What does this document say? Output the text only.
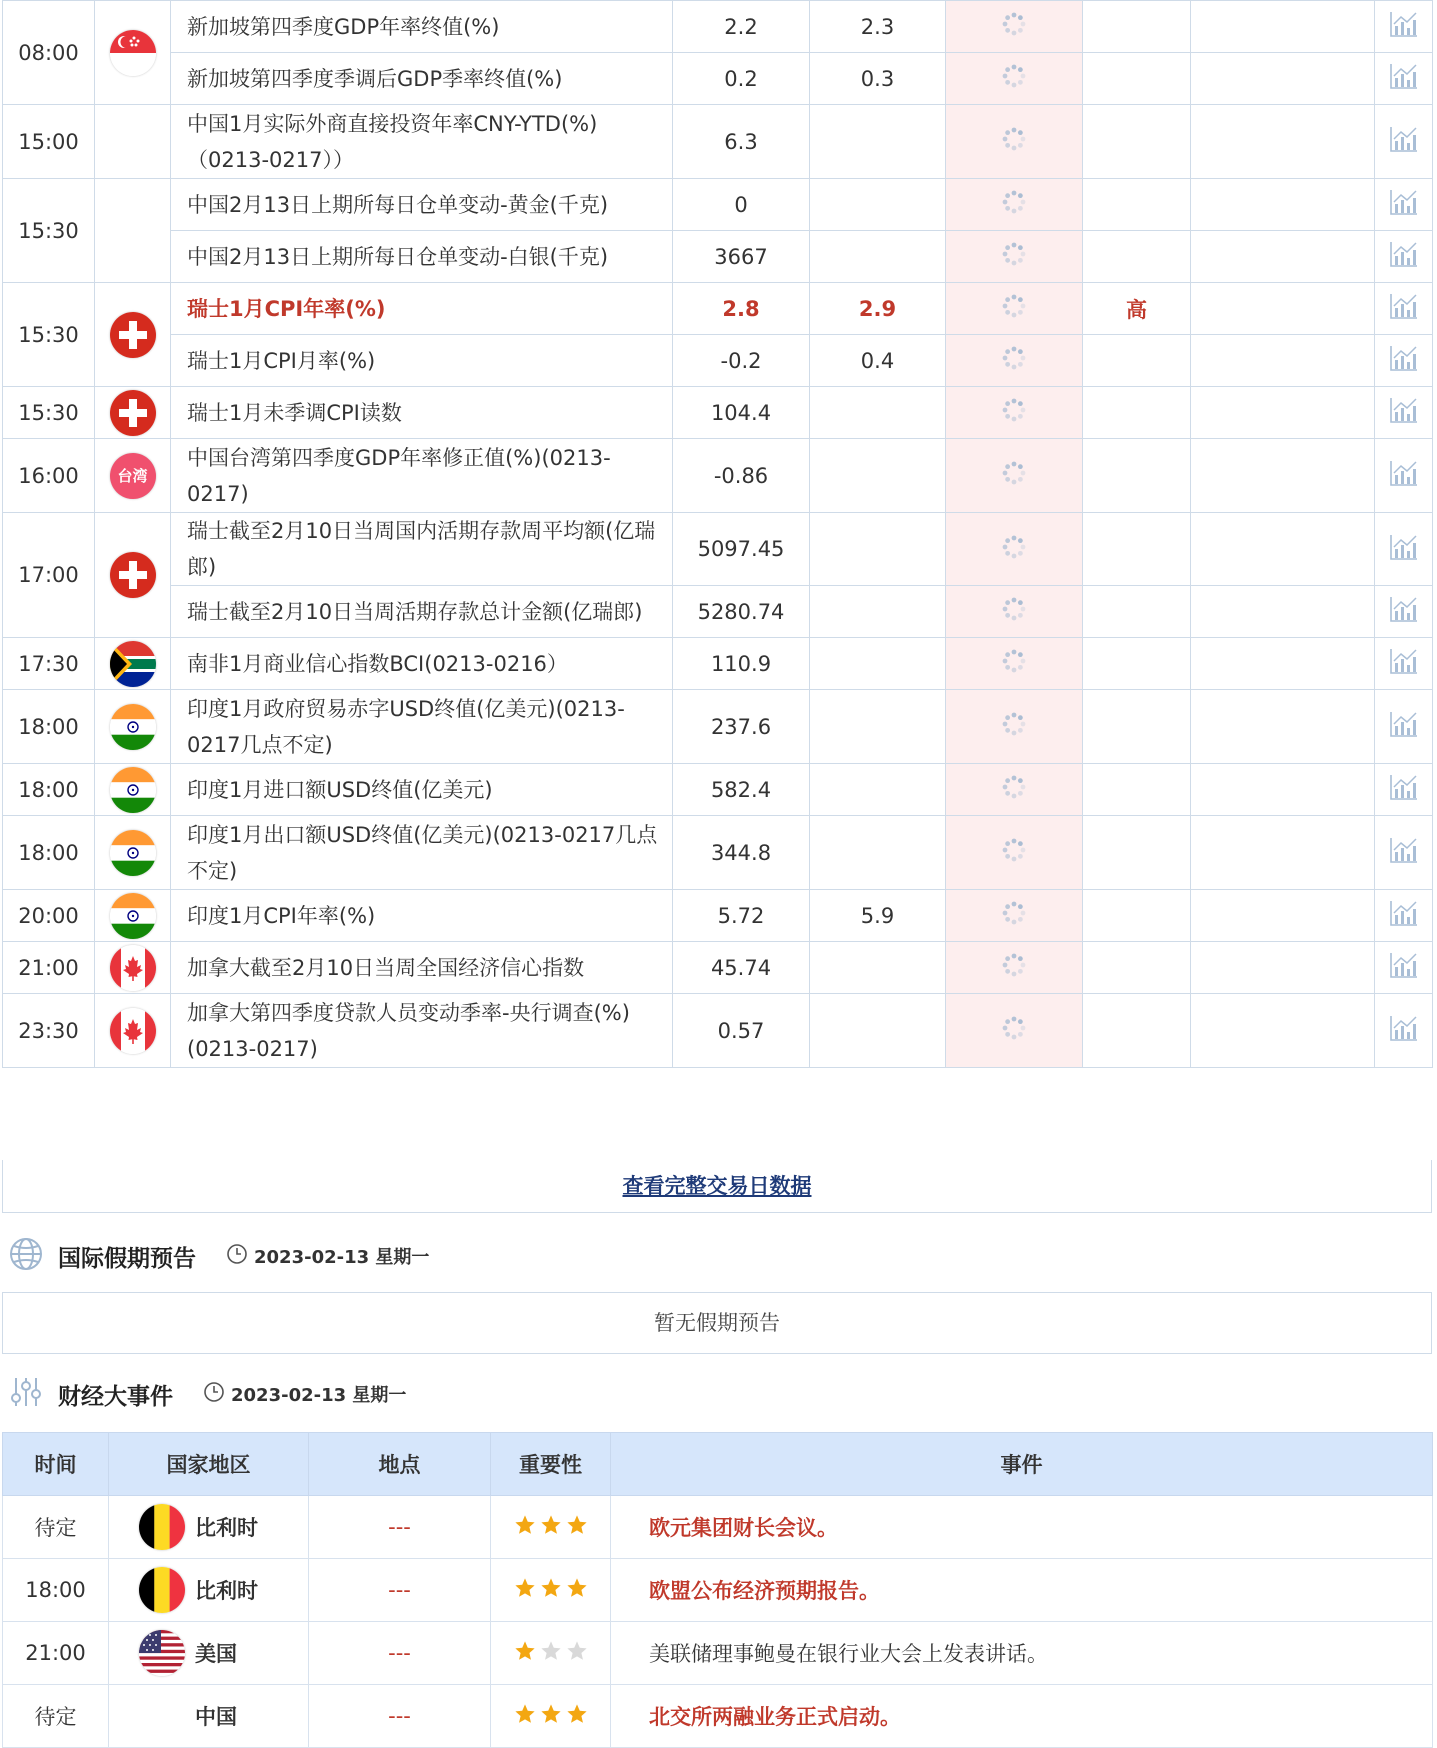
08:00		新加坡第四季度GDP年率终值(%)	2.2	2.3				
		新加坡第四季度季调后GDP季率终值(%)	0.2	0.3				
15:00		中国1月实际外商直接投资年率CNY-YTD(%)（0213-0217））	6.3					
15:30		中国2月13日上期所每日仓单变动-黄金(千克)	0					
		中国2月13日上期所每日仓单变动-白银(千克)	3667					
15:30		瑞士1月CPI年率(%)	2.8	2.9		高		
		瑞士1月CPI月率(%)	-0.2	0.4				
15:30		瑞士1月未季调CPI读数	104.4					
16:00	台湾	中国台湾第四季度GDP年率修正值(%)(0213-0217)	-0.86					
17:00		瑞士截至2月10日当周国内活期存款周平均额(亿瑞郎)	5097.45					
		瑞士截至2月10日当周活期存款总计金额(亿瑞郎)	5280.74					
17:30		南非1月商业信心指数BCI(0213-0216）	110.9					
18:00		印度1月政府贸易赤字USD终值(亿美元)(0213-0217几点不定)	237.6					
18:00		印度1月进口额USD终值(亿美元)	582.4					
18:00		印度1月出口额USD终值(亿美元)(0213-0217几点不定)	344.8					
20:00		印度1月CPI年率(%)	5.72	5.9				
21:00		加拿大截至2月10日当周全国经济信心指数	45.74					
23:30		加拿大第四季度贷款人员变动季率-央行调查(%)(0213-0217)	0.57					
查看完整交易日数据
国际假期预告	2023-02-13 星期一
暂无假期预告
财经大事件	2023-02-13 星期一
时间	国家地区	地点	重要性	事件
待定	比利时	---		欧元集团财长会议。
18:00	比利时	---		欧盟公布经济预期报告。
21:00	美国	---		美联储理事鲍曼在银行业大会上发表讲话。
待定	中国	---		北交所两融业务正式启动。
